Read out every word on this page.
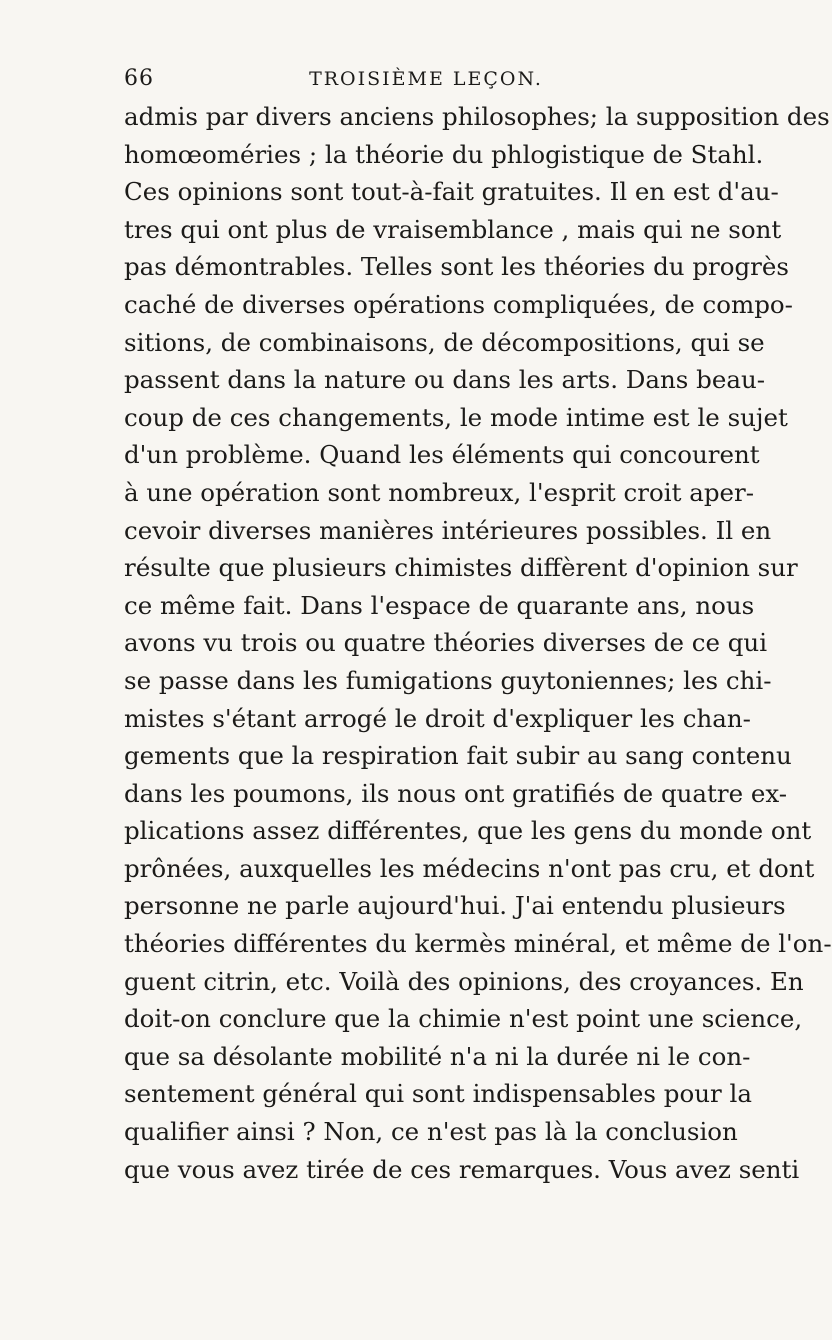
66	TROISIÈME LEÇON.
admis par divers anciens philosophes; la supposition des
homœoméries ; la théorie du phlogistique de Stahl.
Ces opinions sont tout-à-fait gratuites. Il en est d'au-
tres qui ont plus de vraisemblance , mais qui ne sont
pas démontrables. Telles sont les théories du progrès
caché de diverses opérations compliquées, de compo-
sitions, de combinaisons, de décompositions, qui se
passent dans la nature ou dans les arts. Dans beau-
coup de ces changements, le mode intime est le sujet
d'un problème. Quand les éléments qui concourent
à une opération sont nombreux, l'esprit croit aper-
cevoir diverses manières intérieures possibles. Il en
résulte que plusieurs chimistes diffèrent d'opinion sur
ce même fait. Dans l'espace de quarante ans, nous
avons vu trois ou quatre théories diverses de ce qui
se passe dans les fumigations guytoniennes; les chi-
mistes s'étant arrogé le droit d'expliquer les chan-
gements que la respiration fait subir au sang contenu
dans les poumons, ils nous ont gratifiés de quatre ex-
plications assez différentes, que les gens du monde ont
prônées, auxquelles les médecins n'ont pas cru, et dont
personne ne parle aujourd'hui. J'ai entendu plusieurs
théories différentes du kermès minéral, et même de l'on-
guent citrin, etc. Voilà des opinions, des croyances. En
doit-on conclure que la chimie n'est point une science,
que sa désolante mobilité n'a ni la durée ni le con-
sentement général qui sont indispensables pour la
qualifier ainsi ? Non, ce n'est pas là la conclusion
que vous avez tirée de ces remarques. Vous avez senti
